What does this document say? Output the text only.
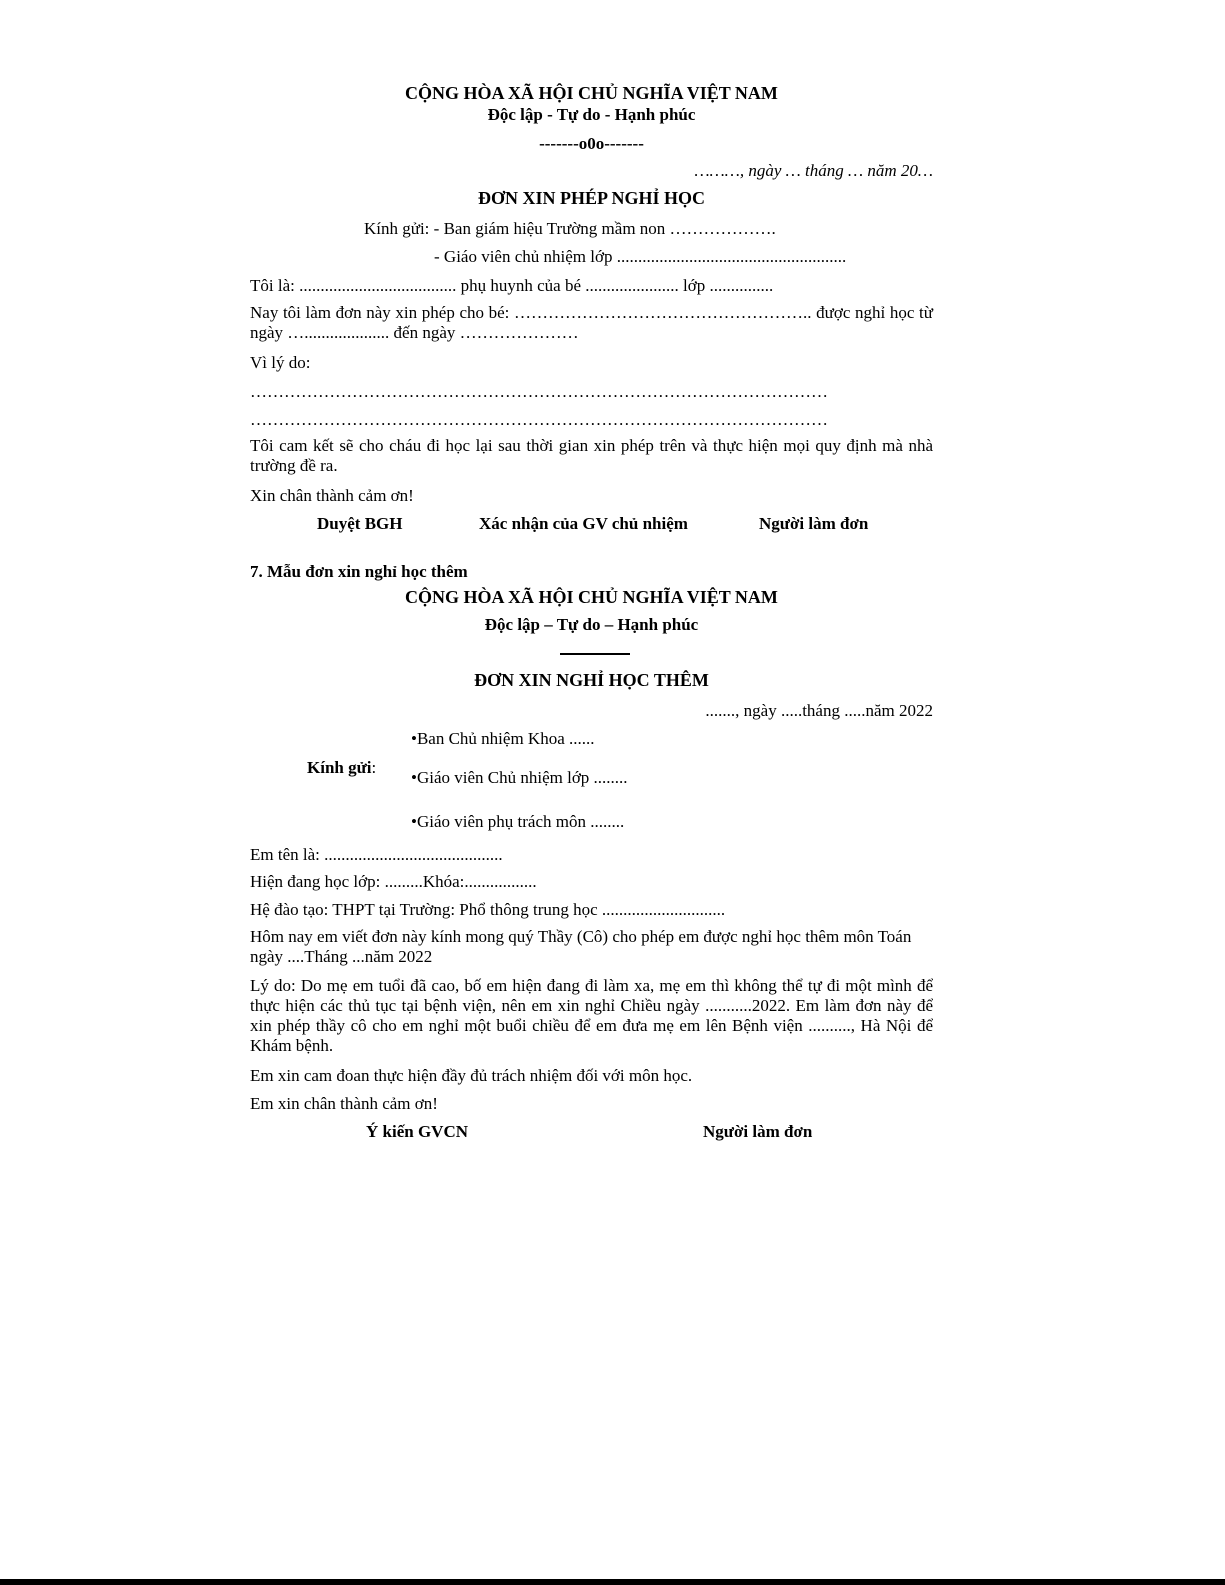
CỘNG HÒA XÃ HỘI CHỦ NGHĨA VIỆT NAM
Độc lập - Tự do - Hạnh phúc
-------o0o-------
………, ngày … tháng … năm 20…
ĐƠN XIN PHÉP NGHỈ HỌC
Kính gửi: - Ban giám hiệu Trường mầm non ……………….
- Giáo viên chủ nhiệm lớp ......................................................
Tôi là: ..................................... phụ huynh của bé ...................... lớp ...............
Nay tôi làm đơn này xin phép cho bé: …………………………………………….. được nghỉ học từ ngày ….................... đến ngày …………………
Vì lý do:
…………………………………………………………………………………………
…………………………………………………………………………………………
Tôi cam kết sẽ cho cháu đi học lại sau thời gian xin phép trên và thực hiện mọi quy định mà nhà trường đề ra.
Xin chân thành cảm ơn!
Duyệt BGH	Xác nhận của GV chủ nhiệm	Người làm đơn
7. Mẫu đơn xin nghỉ học thêm
CỘNG HÒA XÃ HỘI CHỦ NGHĨA VIỆT NAM
Độc lập – Tự do – Hạnh phúc
ĐƠN XIN NGHỈ HỌC THÊM
......., ngày .....tháng .....năm 2022
•Ban Chủ nhiệm Khoa ......
Kính gửi:
•Giáo viên Chủ nhiệm lớp ........
•Giáo viên phụ trách môn ........
Em tên là: ..........................................
Hiện đang học lớp: .........Khóa:.................
Hệ đào tạo: THPT tại Trường: Phổ thông trung học .............................
Hôm nay em viết đơn này kính mong quý Thầy (Cô) cho phép em được nghỉ học thêm môn Toán ngày ....Tháng ...năm 2022
Lý do: Do mẹ em tuổi đã cao, bố em hiện đang đi làm xa, mẹ em thì không thể tự đi một mình để thực hiện các thủ tục tại bệnh viện, nên em xin nghỉ Chiều ngày ...........2022. Em làm đơn này để xin phép thầy cô cho em nghỉ một buổi chiều để em đưa mẹ em lên Bệnh viện .........., Hà Nội để Khám bệnh.
Em xin cam đoan thực hiện đầy đủ trách nhiệm đối với môn học.
Em xin chân thành cảm ơn!
Ý kiến GVCN	Người làm đơn
